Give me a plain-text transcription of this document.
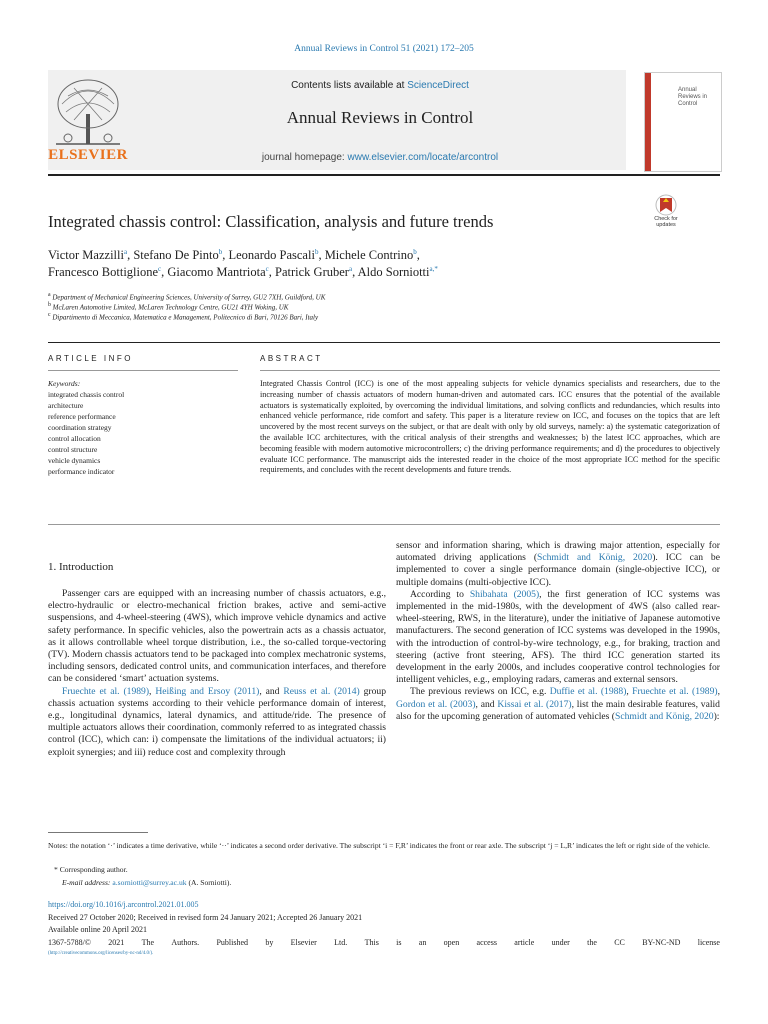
Annual Reviews in Control 51 (2021) 172–205
ELSEVIER
Contents lists available at ScienceDirect
Annual Reviews in Control
journal homepage: www.elsevier.com/locate/arcontrol
Annual Reviews in Control
Integrated chassis control: Classification, analysis and future trends	Check for updates
Victor Mazzilli$^a$, Stefano De Pinto$^b$, Leonardo Pascali$^b$, Michele Contrino$^b$,
Francesco Bottiglione$^c$, Giacomo Mantriota$^c$, Patrick Gruber$^a$, Aldo Sorniotti$^{a,*}$
$^a$ Department of Mechanical Engineering Sciences, University of Surrey, GU2 7XH, Guildford, UK
$^b$ McLaren Automotive Limited, McLaren Technology Centre, GU21 4YH Woking, UK
$^c$ Dipartimento di Meccanica, Matematica e Management, Politecnico di Bari, 70126 Bari, Italy
ARTICLE INFO	ABSTRACT
Keywords:
integrated chassis control
architecture
reference performance
coordination strategy
control allocation
control structure
vehicle dynamics
performance indicator
Integrated Chassis Control (ICC) is one of the most appealing subjects for vehicle dynamics specialists and researchers, due to the increasing number of chassis actuators of modern human-driven and automated cars. ICC ensures that the potential of the available actuators is systematically exploited, by overcoming the individual limitations, and solving conflicts and redundancies, which results into enhanced vehicle performance, ride comfort and safety. This paper is a literature review on ICC, and focuses on the topics that are left uncovered by the most recent surveys on the subject, or that are dealt with only by old surveys, namely: a) the systematic categorization of the available ICC architectures, with the critical analysis of their strengths and weaknesses; b) the latest ICC approaches, which are becoming feasible with modern automotive microcontrollers; c) the driving performance requirements; and d) the procedures to objectively evaluate ICC performance. The manuscript aids the interested reader in the choice of the most appropriate ICC method for the specific requirements, and concludes with the recent developments and future trends.
1. Introduction

Passenger cars are equipped with an increasing number of chassis actuators, e.g., electro-hydraulic or electro-mechanical friction brakes, active and semi-active suspensions, and 4-wheel-steering (4WS), which improve vehicle dynamics and active safety performance. In specific vehicles, also the powertrain acts as a chassis actuator, as it allows controllable wheel torque distribution, i.e., the so-called torque-vectoring (TV). Modern chassis actuators tend to be packaged into complex mechatronic systems, including sensors, dedicated control units, and communication interfaces, and therefore can be considered ‘smart’ actuation systems.

Fruechte et al. (1989), Heißing and Ersoy (2011), and Reuss et al. (2014) group chassis actuation systems according to their vehicle performance domain of interest, e.g., longitudinal dynamics, lateral dynamics, and attitude/ride. The presence of multiple actuators allows their coordination, commonly referred to as integrated chassis control (ICC), which can: i) compensate the limitations of the individual actuators; ii) exploit synergies; and iii) reduce cost and complexity through

sensor and information sharing, which is drawing major attention, especially for automated driving applications (Schmidt and König, 2020). ICC can be implemented to cover a single performance domain (single-objective ICC), or multiple domains (multi-objective ICC).

According to Shibahata (2005), the first generation of ICC systems was implemented in the mid-1980s, with the development of 4WS (also called rear-wheel-steering, RWS, in the literature), under the initiative of Japanese automotive manufacturers. The second generation of ICC systems was developed in the 1990s, with the introduction of control-by-wire technology, e.g., for braking, traction and steering (active front steering, AFS). The third ICC generation started its development in the early 2000s, and includes cooperative control technologies for intelligent vehicles, e.g., employing radars, cameras and external sensors.

The previous reviews on ICC, e.g. Duffie et al. (1988), Fruechte et al. (1989), Gordon et al. (2003), and Kissai et al. (2017), list the main desirable features, valid also for the upcoming generation of automated vehicles (Schmidt and König, 2020):

Notes: the notation ‘·’ indicates a time derivative, while ‘··’ indicates a second order derivative. The subscript ‘i = F,R’ indicates the front or rear axle. The subscript ‘j = L,R’ indicates the left or right side of the vehicle.
* Corresponding author.
E-mail address: a.sorniotti@surrey.ac.uk (A. Sorniotti).
https://doi.org/10.1016/j.arcontrol.2021.01.005
Received 27 October 2020; Received in revised form 24 January 2021; Accepted 26 January 2021
Available online 20 April 2021
1367-5788/© 2021 The Authors. Published by Elsevier Ltd. This is an open access article under the CC BY-NC-ND license
(http://creativecommons.org/licenses/by-nc-nd/4.0/).
